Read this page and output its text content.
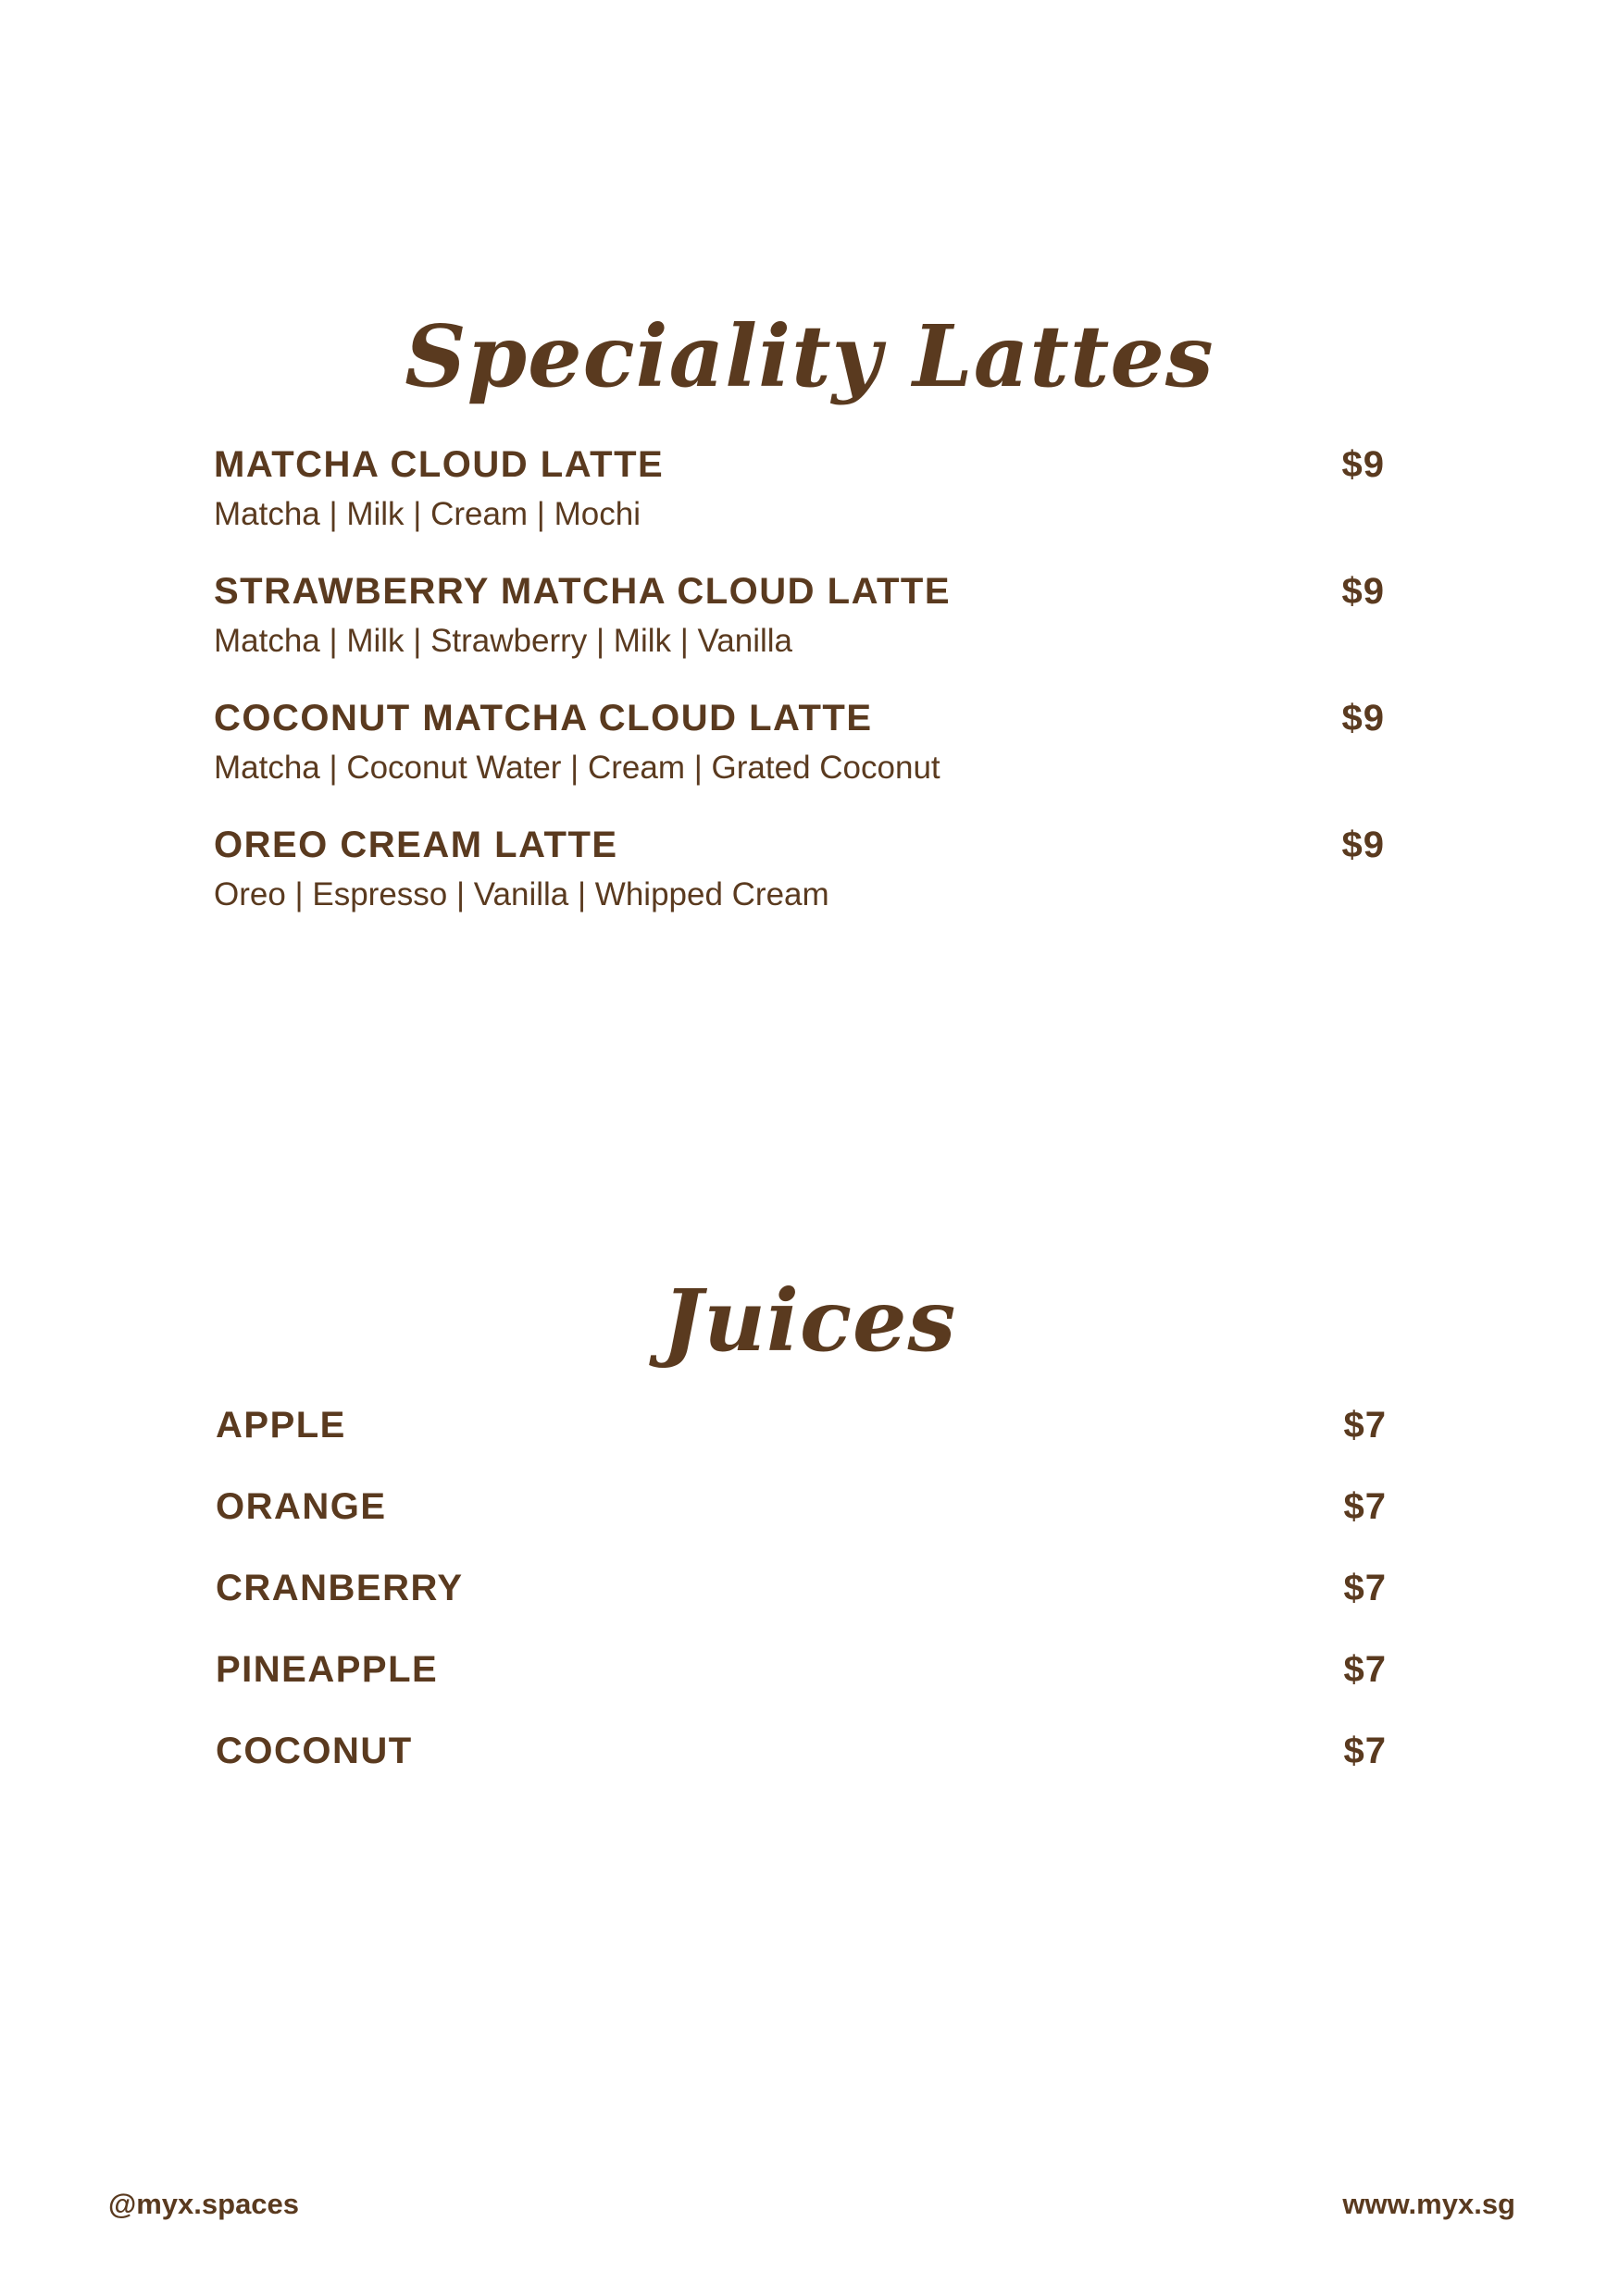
Speciality Lattes
MATCHA CLOUD LATTE	$9
Matcha | Milk | Cream | Mochi
STRAWBERRY MATCHA CLOUD LATTE	$9
Matcha | Milk | Strawberry | Milk | Vanilla
COCONUT MATCHA CLOUD LATTE	$9
Matcha | Coconut Water | Cream | Grated Coconut
OREO CREAM LATTE	$9
Oreo | Espresso | Vanilla | Whipped Cream
Juices
APPLE	$7
ORANGE	$7
CRANBERRY	$7
PINEAPPLE	$7
COCONUT	$7
@myx.spaces	www.myx.sg
